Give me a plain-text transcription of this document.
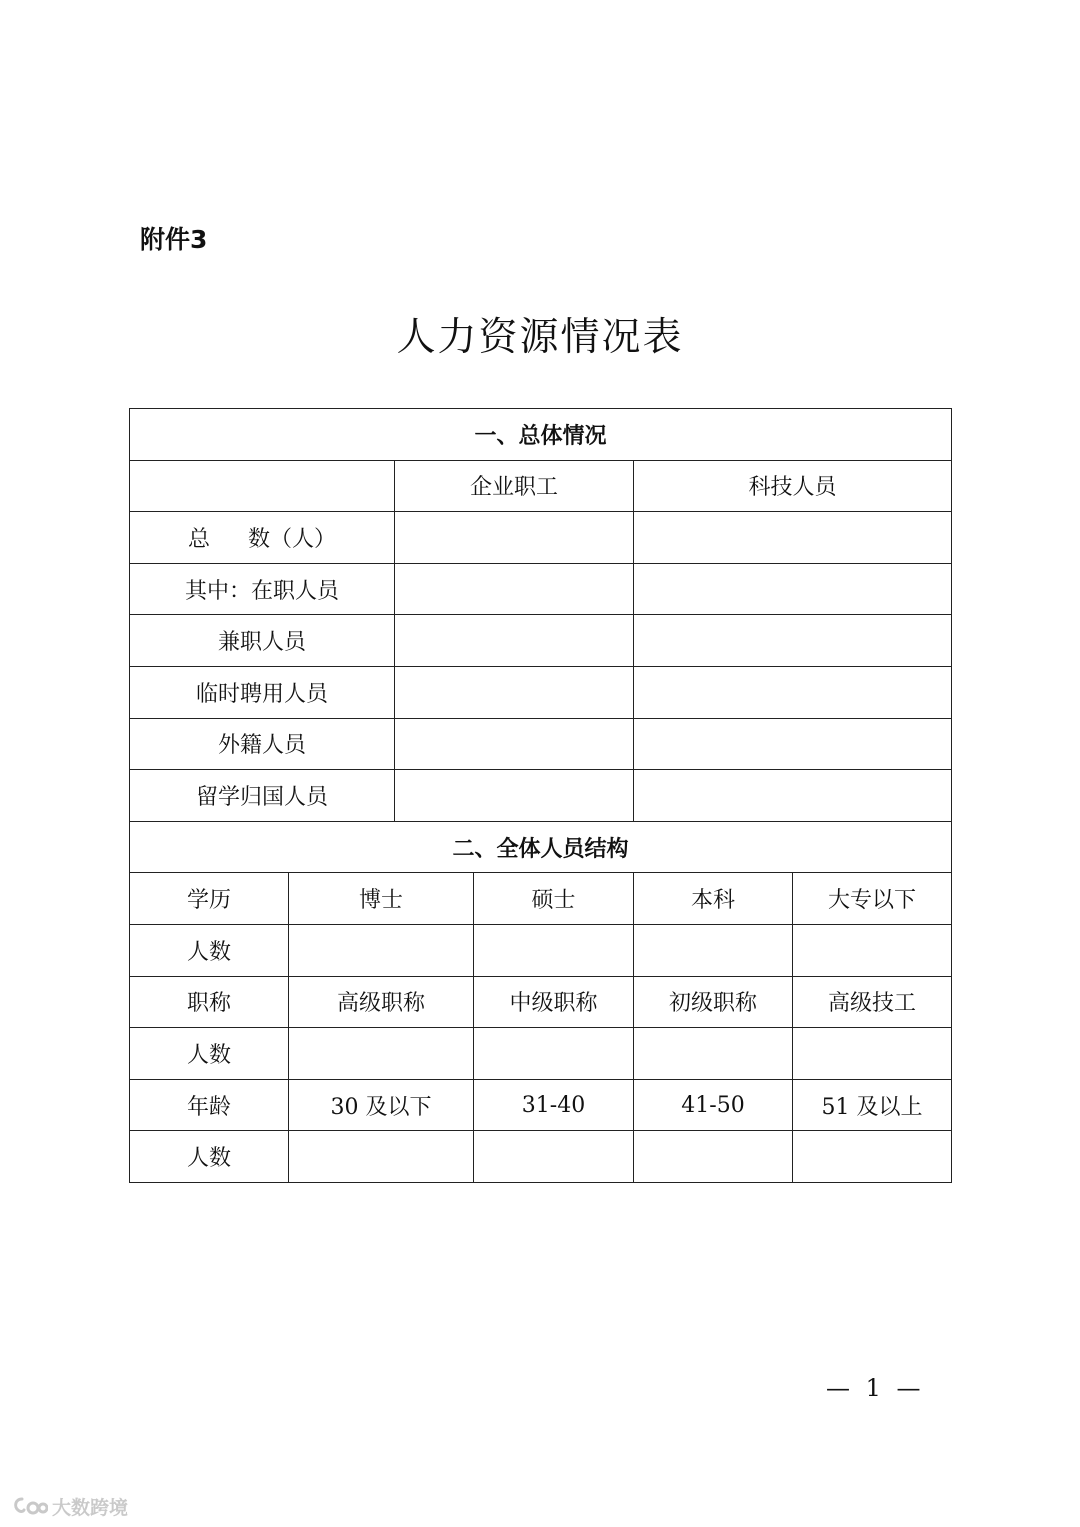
附件3
人力资源情况表
一、总体情况					
		企业职工		科技人员	
总 数（人）					
其中：在职人员					
兼职人员					
临时聘用人员					
外籍人员					
留学归国人员					
二、全体人员结构					
学历	博士		硕士	本科	大专以下
人数					
职称	高级职称		中级职称	初级职称	高级技工
人数					
年龄	30 及以下		31-40	41-50	51 及以上
人数					
— 1 —
大数跨境
